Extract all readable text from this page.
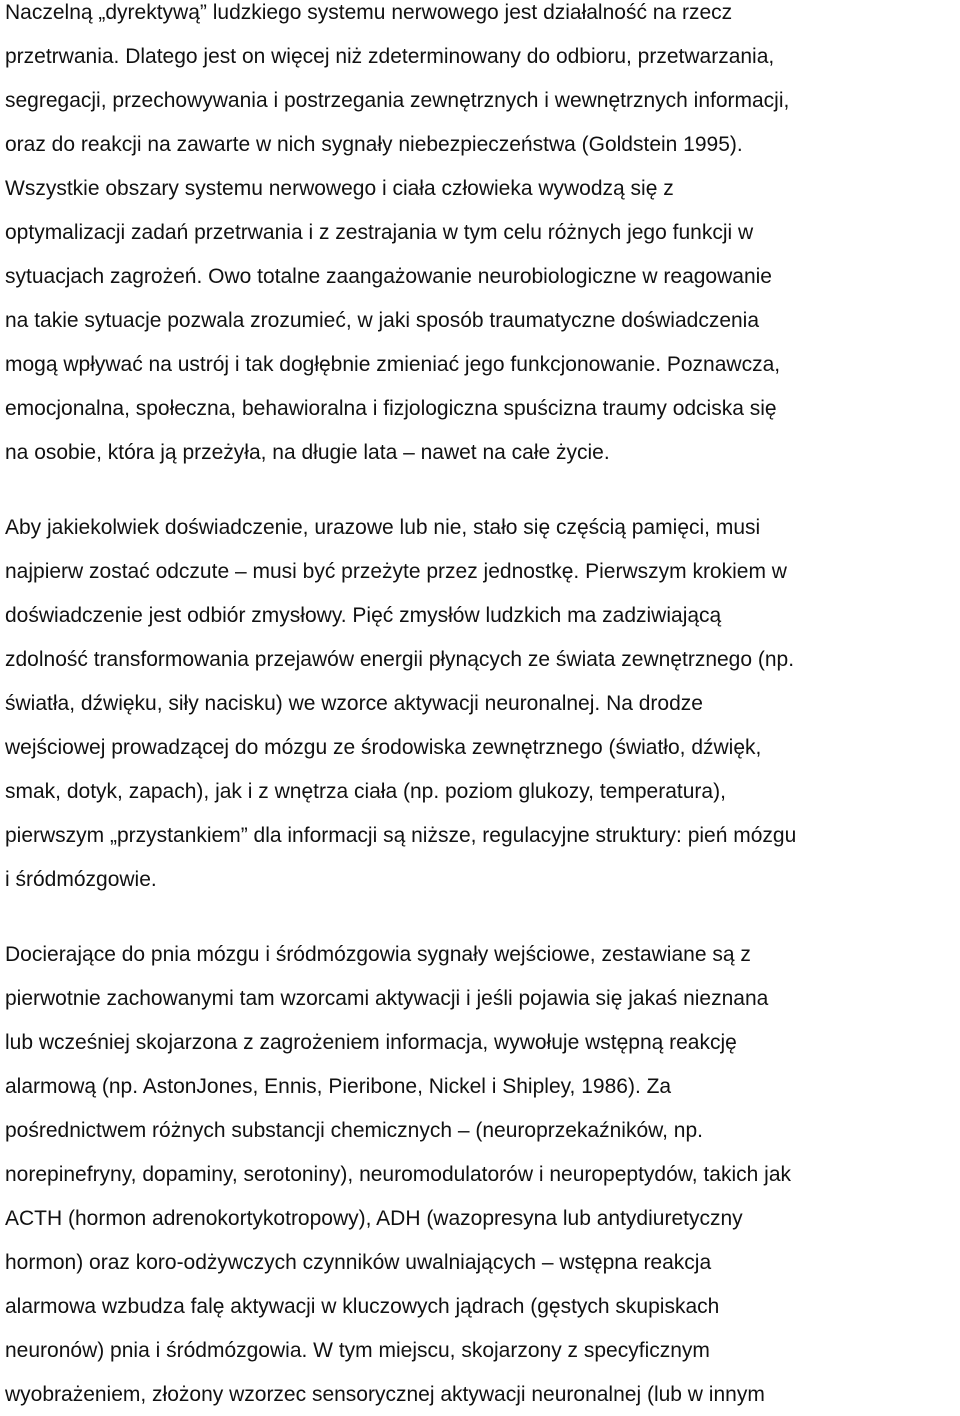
Naczelną „dyrektywą” ludzkiego systemu nerwowego jest działalność na rzecz
przetrwania. Dlatego jest on więcej niż zdeterminowany do odbioru, przetwarzania,
segregacji, przechowywania i postrzegania zewnętrznych i wewnętrznych informacji,
oraz do reakcji na zawarte w nich sygnały niebezpieczeństwa (Goldstein 1995).
Wszystkie obszary systemu nerwowego i ciała człowieka wywodzą się z
optymalizacji zadań przetrwania i z zestrajania w tym celu różnych jego funkcji w
sytuacjach zagrożeń. Owo totalne zaangażowanie neurobiologiczne w reagowanie
na takie sytuacje pozwala zrozumieć, w jaki sposób traumatyczne doświadczenia
mogą wpływać na ustrój i tak dogłębnie zmieniać jego funkcjonowanie. Poznawcza,
emocjonalna, społeczna, behawioralna i fizjologiczna spuścizna traumy odciska się
na osobie, która ją przeżyła, na długie lata – nawet na całe życie.
Aby jakiekolwiek doświadczenie, urazowe lub nie, stało się częścią pamięci, musi
najpierw zostać odczute – musi być przeżyte przez jednostkę. Pierwszym krokiem w
doświadczenie jest odbiór zmysłowy. Pięć zmysłów ludzkich ma zadziwiającą
zdolność transformowania przejawów energii płynących ze świata zewnętrznego (np.
światła, dźwięku, siły nacisku) we wzorce aktywacji neuronalnej. Na drodze
wejściowej prowadzącej do mózgu ze środowiska zewnętrznego (światło, dźwięk,
smak, dotyk, zapach), jak i z wnętrza ciała (np. poziom glukozy, temperatura),
pierwszym „przystankiem” dla informacji są niższe, regulacyjne struktury: pień mózgu
i śródmózgowie.
Docierające do pnia mózgu i śródmózgowia sygnały wejściowe, zestawiane są z
pierwotnie zachowanymi tam wzorcami aktywacji i jeśli pojawia się jakaś nieznana
lub wcześniej skojarzona z zagrożeniem informacja, wywołuje wstępną reakcję
alarmową (np. AstonJones, Ennis, Pieribone, Nickel i Shipley, 1986). Za
pośrednictwem różnych substancji chemicznych – (neuroprzekaźników, np.
norepinefryny, dopaminy, serotoniny), neuromodulatorów i neuropeptydów, takich jak
ACTH (hormon adrenokortykotropowy), ADH (wazopresyna lub antydiuretyczny
hormon) oraz koro-odżywczych czynników uwalniających – wstępna reakcja
alarmowa wzbudza falę aktywacji w kluczowych jądrach (gęstych skupiskach
neuronów) pnia i śródmózgowia. W tym miejscu, skojarzony z specyficznym
wyobrażeniem, złożony wzorzec sensorycznej aktywacji neuronalnej (lub w innym
